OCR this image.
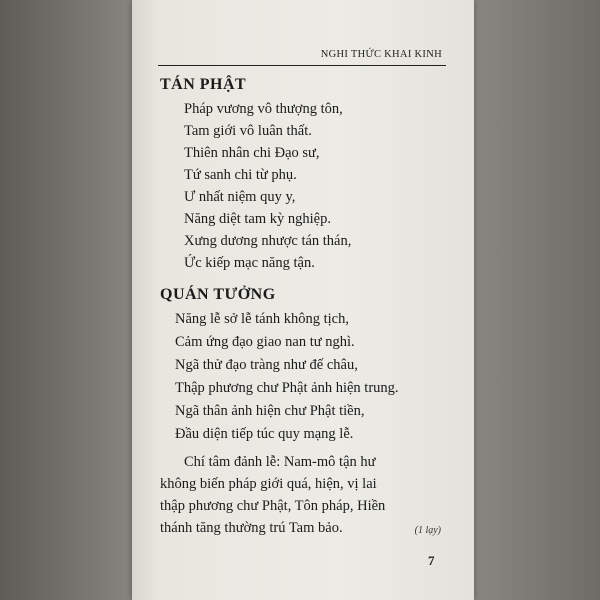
NGHI THỨC KHAI KINH
TÁN PHẬT
Pháp vương vô thượng tôn,
Tam giới vô luân thất.
Thiên nhân chi Đạo sư,
Tứ sanh chi từ phụ.
Ư nhất niệm quy y,
Năng diệt tam kỳ nghiệp.
Xưng dương nhược tán thán,
Ức kiếp mạc năng tận.
QUÁN TƯỞNG
Năng lễ sở lễ tánh không tịch,
Cảm ứng đạo giao nan tư nghì.
Ngã thử đạo tràng như đế châu,
Thập phương chư Phật ảnh hiện trung.
Ngã thân ảnh hiện chư Phật tiền,
Đầu diện tiếp túc quy mạng lễ.
Chí tâm đảnh lễ: Nam-mô tận hư
không biến pháp giới quá, hiện, vị lai
thập phương chư Phật, Tôn pháp, Hiền
thánh tăng thường trú Tam bảo.	(1 lạy)
7
